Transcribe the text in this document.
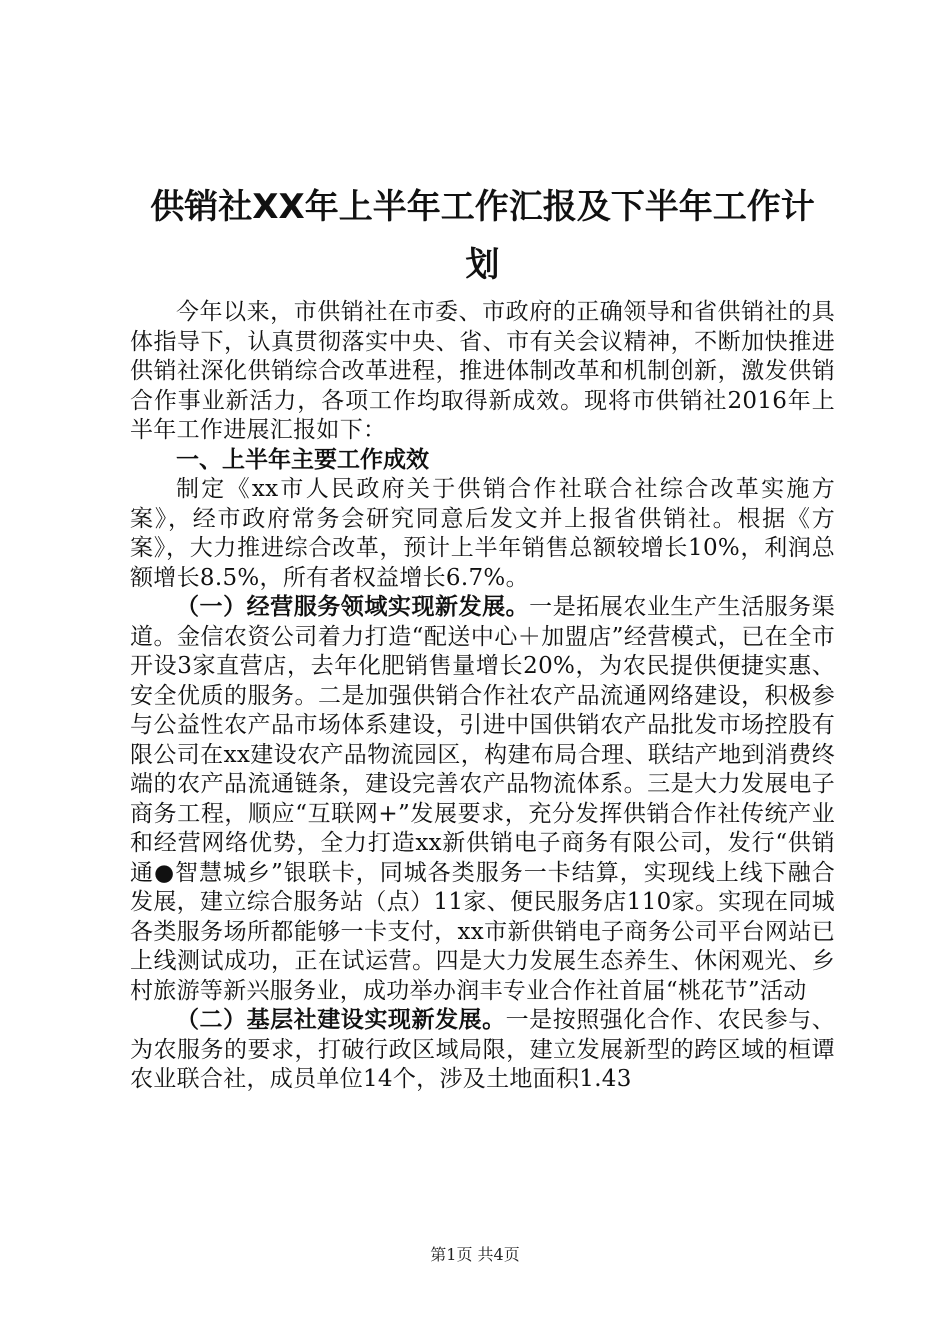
供销社XX年上半年工作汇报及下半年工作计
划

今年以来，市供销社在市委、市政府的正确领导和省供销社的具体指导下，认真贯彻落实中央、省、市有关会议精神，不断加快推进供销社深化供销综合改革进程，推进体制改革和机制创新，激发供销合作事业新活力，各项工作均取得新成效。现将市供销社2016年上半年工作进展汇报如下：

一、上半年主要工作成效

制定《xx市人民政府关于供销合作社联合社综合改革实施方案》，经市政府常务会研究同意后发文并上报省供销社。根据《方案》，大力推进综合改革，预计上半年销售总额较增长10%，利润总额增长8.5%，所有者权益增长6.7%。

（一）经营服务领域实现新发展。一是拓展农业生产生活服务渠道。金信农资公司着力打造“配送中心＋加盟店”经营模式，已在全市开设3家直营店，去年化肥销售量增长20%，为农民提供便捷实惠、安全优质的服务。二是加强供销合作社农产品流通网络建设，积极参与公益性农产品市场体系建设，引进中国供销农产品批发市场控股有限公司在xx建设农产品物流园区，构建布局合理、联结产地到消费终端的农产品流通链条，建设完善农产品物流体系。三是大力发展电子商务工程，顺应“互联网+”发展要求，充分发挥供销合作社传统产业和经营网络优势，全力打造xx新供销电子商务有限公司，发行“供销通●智慧城乡”银联卡，同城各类服务一卡结算，实现线上线下融合发展，建立综合服务站（点）11家、便民服务店110家。实现在同城各类服务场所都能够一卡支付，xx市新供销电子商务公司平台网站已上线测试成功，正在试运营。四是大力发展生态养生、休闲观光、乡村旅游等新兴服务业，成功举办润丰专业合作社首届“桃花节”活动

（二）基层社建设实现新发展。一是按照强化合作、农民参与、为农服务的要求，打破行政区域局限，建立发展新型的跨区域的桓谭农业联合社，成员单位14个，涉及土地面积1.43

第1页 共4页
